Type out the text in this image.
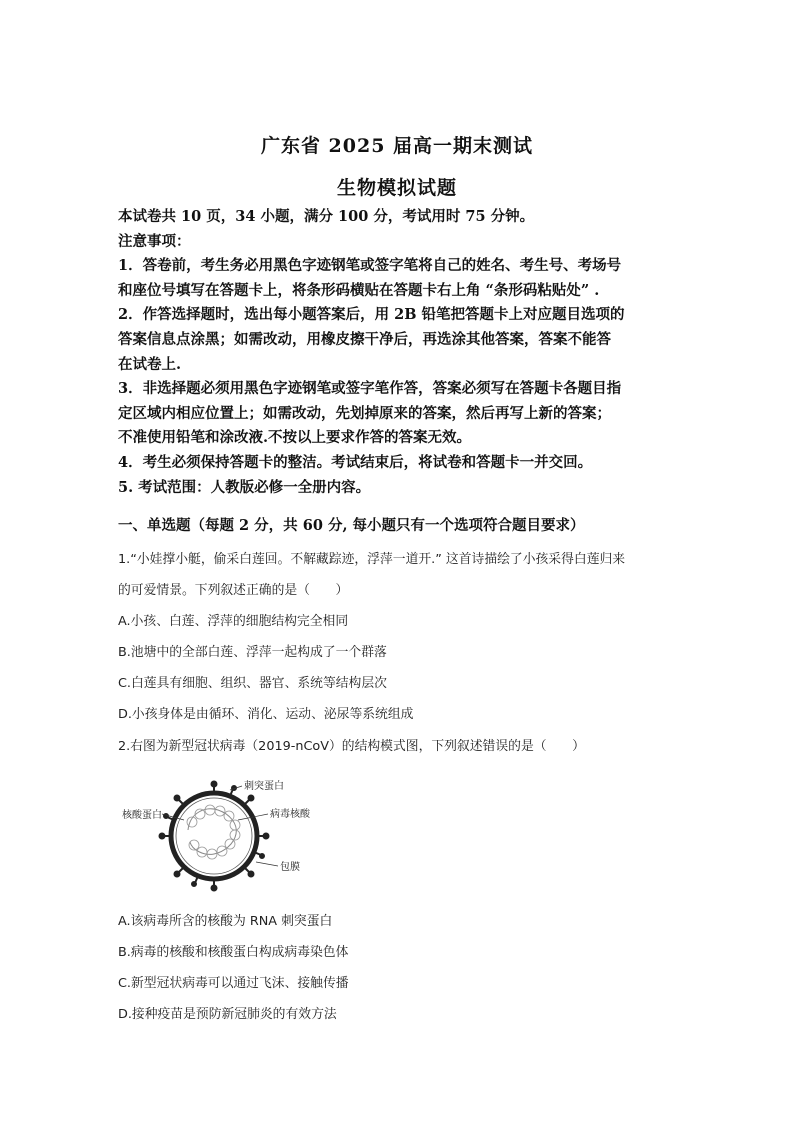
广东省 2025 届高一期末测试
生物模拟试题
本试卷共 10 页，34 小题，满分 100 分，考试用时 75 分钟。
注意事项：
1．答卷前，考生务必用黑色字迹钢笔或签字笔将自己的姓名、考生号、考场号
和座位号填写在答题卡上，将条形码横贴在答题卡右上角 “条形码粘贴处” .
2．作答选择题时，选出每小题答案后，用 2B 铅笔把答题卡上对应题目选项的
答案信息点涂黑；如需改动，用橡皮擦干净后，再选涂其他答案，答案不能答
在试卷上.
3．非选择题必须用黑色字迹钢笔或签字笔作答，答案必须写在答题卡各题目指
定区域内相应位置上；如需改动，先划掉原来的答案，然后再写上新的答案；
不准使用铅笔和涂改液.不按以上要求作答的答案无效。
4．考生必须保持答题卡的整洁。考试结束后，将试卷和答题卡一并交回。
5. 考试范围：人教版必修一全册内容。
一、单选题（每题 2 分，共 60 分, 每小题只有一个选项符合题目要求）
1.“小娃撑小艇，偷采白莲回。不解藏踪迹，浮萍一道开.” 这首诗描绘了小孩采得白莲归来
的可爱情景。下列叙述正确的是（　　）
A.小孩、白莲、浮萍的细胞结构完全相同
B.池塘中的全部白莲、浮萍一起构成了一个群落
C.白莲具有细胞、组织、器官、系统等结构层次
D.小孩身体是由循环、消化、运动、泌尿等系统组成
2.右图为新型冠状病毒（2019-nCoV）的结构模式图，下列叙述错误的是（　　）
刺突蛋白
核酸蛋白	病毒核酸
包膜
A.该病毒所含的核酸为 RNA 刺突蛋白
B.病毒的核酸和核酸蛋白构成病毒染色体
C.新型冠状病毒可以通过飞沫、接触传播
D.接种疫苗是预防新冠肺炎的有效方法
